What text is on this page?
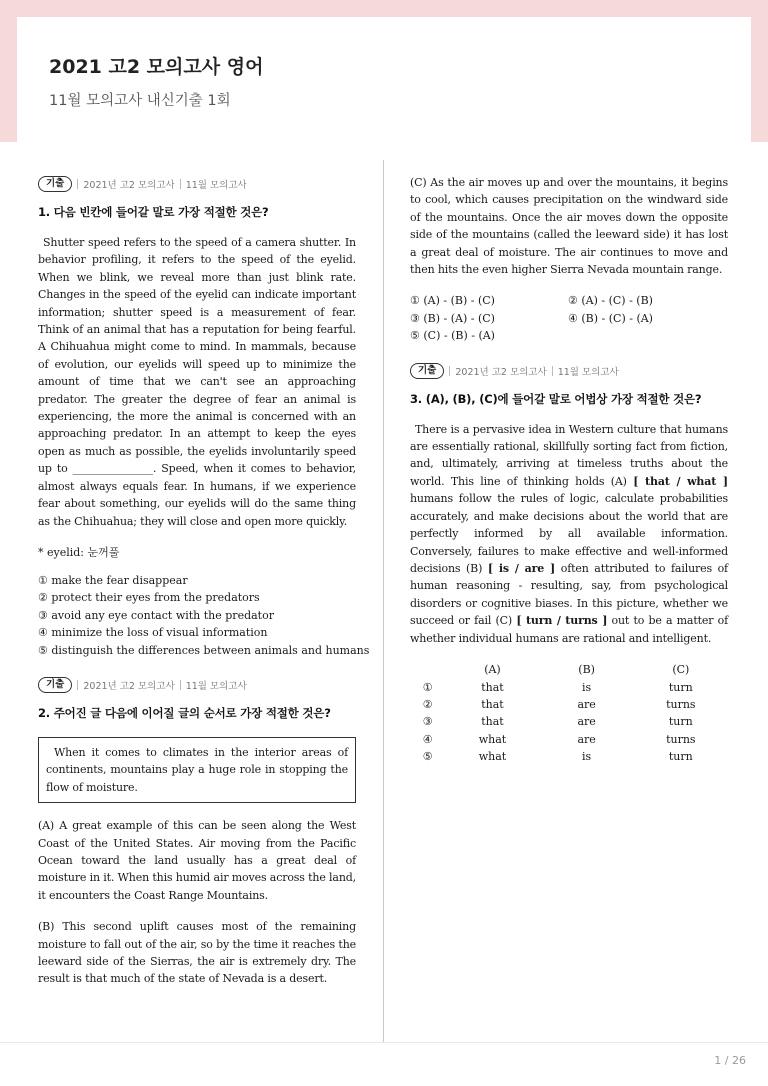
2021 고2 모의고사 영어
11월 모의고사 내신기출 1회
기출	2021년 고2 모의고사 11월 모의고사
1. 다음 빈칸에 들어갈 말로 가장 적절한 것은?

Shutter speed refers to the speed of a camera shutter. In behavior profiling, it refers to the speed of the eyelid. When we blink, we reveal more than just blink rate. Changes in the speed of the eyelid can indicate important information; shutter speed is a measurement of fear. Think of an animal that has a reputation for being fearful. A Chihuahua might come to mind. In mammals, because of evolution, our eyelids will speed up to minimize the amount of time that we can't see an approaching predator. The greater the degree of fear an animal is experiencing, the more the animal is concerned with an approaching predator. In an attempt to keep the eyes open as much as possible, the eyelids involuntarily speed up to _______________. Speed, when it comes to behavior, almost always equals fear. In humans, if we experience fear about something, our eyelids will do the same thing as the Chihuahua; they will close and open more quickly.

* eyelid: 눈꺼풀
① make the fear disappear
② protect their eyes from the predators
③ avoid any eye contact with the predator
④ minimize the loss of visual information
⑤ distinguish the differences between animals and humans
기출	2021년 고2 모의고사 11월 모의고사
2. 주어진 글 다음에 이어질 글의 순서로 가장 적절한 것은?
When it comes to climates in the interior areas of continents, mountains play a huge role in stopping the flow of moisture.

(A) A great example of this can be seen along the West Coast of the United States. Air moving from the Pacific Ocean toward the land usually has a great deal of moisture in it. When this humid air moves across the land, it encounters the Coast Range Mountains.

(B) This second uplift causes most of the remaining moisture to fall out of the air, so by the time it reaches the leeward side of the Sierras, the air is extremely dry. The result is that much of the state of Nevada is a desert.

(C) As the air moves up and over the mountains, it begins to cool, which causes precipitation on the windward side of the mountains. Once the air moves down the opposite side of the mountains (called the leeward side) it has lost a great deal of moisture. The air continues to move and then hits the even higher Sierra Nevada mountain range.

① (A) - (B) - (C)	② (A) - (C) - (B)
③ (B) - (A) - (C)	④ (B) - (C) - (A)
⑤ (C) - (B) - (A)
기출	2021년 고2 모의고사 11월 모의고사
3. (A), (B), (C)에 들어갈 말로 어법상 가장 적절한 것은?

There is a pervasive idea in Western culture that humans are essentially rational, skillfully sorting fact from fiction, and, ultimately, arriving at timeless truths about the world. This line of thinking holds (A) [ that / what ] humans follow the rules of logic, calculate probabilities accurately, and make decisions about the world that are perfectly informed by all available information. Conversely, failures to make effective and well-informed decisions (B) [ is / are ] often attributed to failures of human reasoning - resulting, say, from psychological disorders or cognitive biases. In this picture, whether we succeed or fail (C) [ turn / turns ] out to be a matter of whether individual humans are rational and intelligent.

	(A)	(B)	(C)
①	that	is	turn
②	that	are	turns
③	that	are	turn
④	what	are	turns
⑤	what	is	turn
1 / 26
